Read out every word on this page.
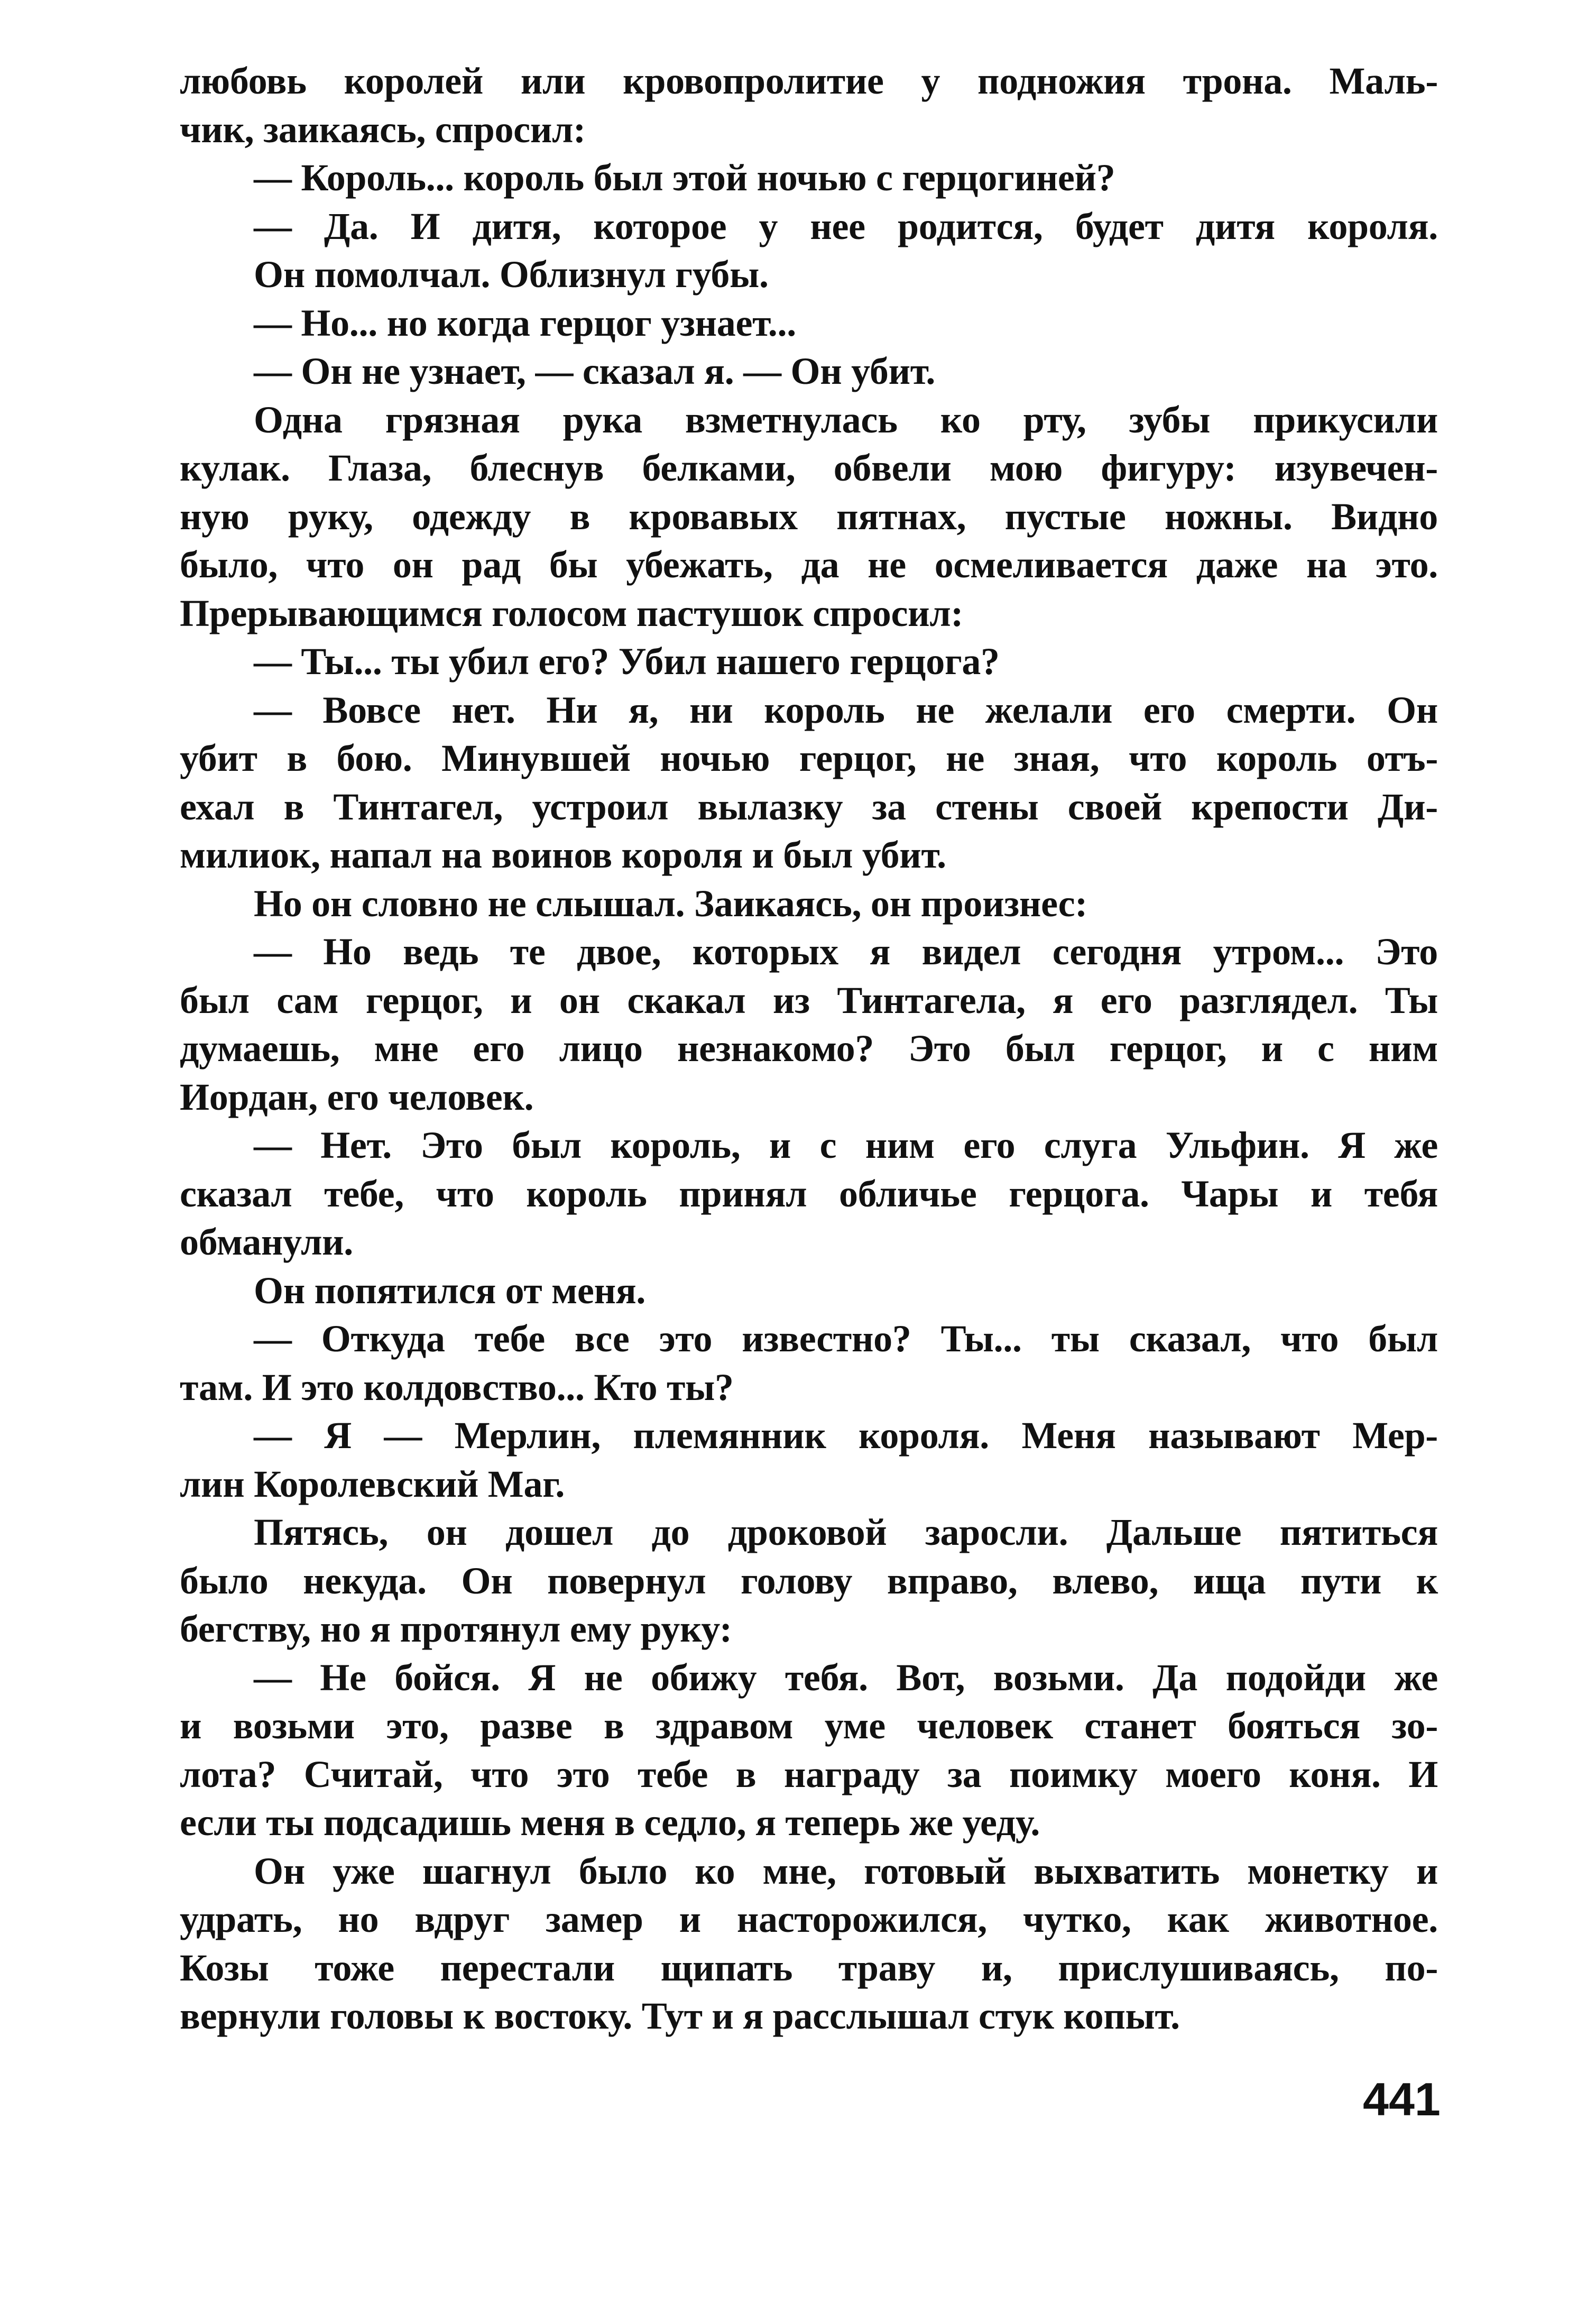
любовь королей или кровопролитие у подножия трона. Маль-
чик, заикаясь, спросил:
— Король... король был этой ночью с герцогиней?
— Да. И дитя, которое у нее родится, будет дитя короля.
Он помолчал. Облизнул губы.
— Но... но когда герцог узнает...
— Он не узнает, — сказал я. — Он убит.
Одна грязная рука взметнулась ко рту, зубы прикусили
кулак. Глаза, блеснув белками, обвели мою фигуру: изувечен-
ную руку, одежду в кровавых пятнах, пустые ножны. Видно
было, что он рад бы убежать, да не осмеливается даже на это.
Прерывающимся голосом пастушок спросил:
— Ты... ты убил его? Убил нашего герцога?
— Вовсе нет. Ни я, ни король не желали его смерти. Он
убит в бою. Минувшей ночью герцог, не зная, что король отъ-
ехал в Тинтагел, устроил вылазку за стены своей крепости Ди-
милиок, напал на воинов короля и был убит.
Но он словно не слышал. Заикаясь, он произнес:
— Но ведь те двое, которых я видел сегодня утром... Это
был сам герцог, и он скакал из Тинтагела, я его разглядел. Ты
думаешь, мне его лицо незнакомо? Это был герцог, и с ним
Иордан, его человек.
— Нет. Это был король, и с ним его слуга Ульфин. Я же
сказал тебе, что король принял обличье герцога. Чары и тебя
обманули.
Он попятился от меня.
— Откуда тебе все это известно? Ты... ты сказал, что был
там. И это колдовство... Кто ты?
— Я — Мерлин, племянник короля. Меня называют Мер-
лин Королевский Маг.
Пятясь, он дошел до дроковой заросли. Дальше пятиться
было некуда. Он повернул голову вправо, влево, ища пути к
бегству, но я протянул ему руку:
— Не бойся. Я не обижу тебя. Вот, возьми. Да подойди же
и возьми это, разве в здравом уме человек станет бояться зо-
лота? Считай, что это тебе в награду за поимку моего коня. И
если ты подсадишь меня в седло, я теперь же уеду.
Он уже шагнул было ко мне, готовый выхватить монетку и
удрать, но вдруг замер и насторожился, чутко, как животное.
Козы тоже перестали щипать траву и, прислушиваясь, по-
вернули головы к востоку. Тут и я расслышал стук копыт.
441
